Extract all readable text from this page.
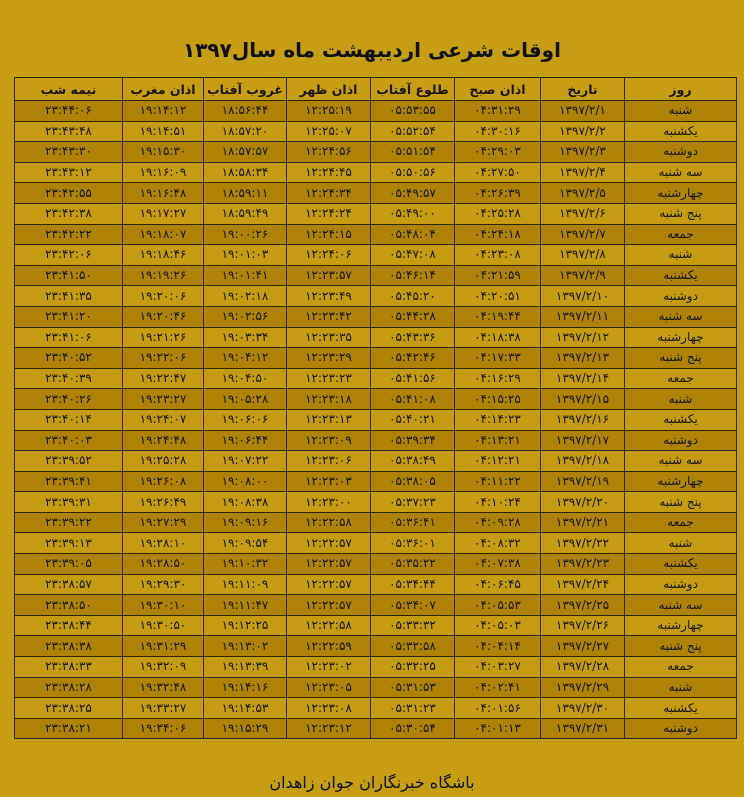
اوقات شرعی اردیبهشت ماه سال۱۳۹۷
روز	تاریخ	اذان صبح	طلوع آفتاب	اذان ظهر	غروب آفتاب	اذان مغرب	نیمه شب
شنبه	۱۳۹۷/۲/۱	۰۴:۳۱:۲۹	۰۵:۵۳:۵۵	۱۲:۲۵:۱۹	۱۸:۵۶:۴۴	۱۹:۱۴:۱۲	۲۳:۴۴:۰۶
یکشنبه	۱۳۹۷/۲/۲	۰۴:۳۰:۱۶	۰۵:۵۲:۵۴	۱۲:۲۵:۰۷	۱۸:۵۷:۲۰	۱۹:۱۴:۵۱	۲۳:۴۳:۴۸
دوشنبه	۱۳۹۷/۲/۳	۰۴:۲۹:۰۳	۰۵:۵۱:۵۴	۱۲:۲۴:۵۶	۱۸:۵۷:۵۷	۱۹:۱۵:۳۰	۲۳:۴۳:۳۰
سه شنبه	۱۳۹۷/۲/۴	۰۴:۲۷:۵۰	۰۵:۵۰:۵۶	۱۲:۲۴:۴۵	۱۸:۵۸:۳۴	۱۹:۱۶:۰۹	۲۳:۴۳:۱۲
چهارشنبه	۱۳۹۷/۲/۵	۰۴:۲۶:۳۹	۰۵:۴۹:۵۷	۱۲:۲۴:۳۴	۱۸:۵۹:۱۱	۱۹:۱۶:۴۸	۲۳:۴۲:۵۵
پنج شنبه	۱۳۹۷/۲/۶	۰۴:۲۵:۲۸	۰۵:۴۹:۰۰	۱۲:۲۴:۲۴	۱۸:۵۹:۴۹	۱۹:۱۷:۲۷	۲۳:۴۲:۳۸
جمعه	۱۳۹۷/۲/۷	۰۴:۲۴:۱۸	۰۵:۴۸:۰۴	۱۲:۲۴:۱۵	۱۹:۰۰:۲۶	۱۹:۱۸:۰۷	۲۳:۴۲:۲۲
شنبه	۱۳۹۷/۲/۸	۰۴:۲۳:۰۸	۰۵:۴۷:۰۸	۱۲:۲۴:۰۶	۱۹:۰۱:۰۳	۱۹:۱۸:۴۶	۲۳:۴۲:۰۶
یکشنبه	۱۳۹۷/۲/۹	۰۴:۲۱:۵۹	۰۵:۴۶:۱۴	۱۲:۲۳:۵۷	۱۹:۰۱:۴۱	۱۹:۱۹:۲۶	۲۳:۴۱:۵۰
دوشنبه	۱۳۹۷/۲/۱۰	۰۴:۲۰:۵۱	۰۵:۴۵:۲۰	۱۲:۲۳:۴۹	۱۹:۰۲:۱۸	۱۹:۲۰:۰۶	۲۳:۴۱:۳۵
سه شنبه	۱۳۹۷/۲/۱۱	۰۴:۱۹:۴۴	۰۵:۴۴:۲۸	۱۲:۲۳:۴۲	۱۹:۰۲:۵۶	۱۹:۲۰:۴۶	۲۳:۴۱:۲۰
چهارشنبه	۱۳۹۷/۲/۱۲	۰۴:۱۸:۳۸	۰۵:۴۳:۳۶	۱۲:۲۳:۳۵	۱۹:۰۳:۳۴	۱۹:۲۱:۲۶	۲۳:۴۱:۰۶
پنج شنبه	۱۳۹۷/۲/۱۳	۰۴:۱۷:۳۳	۰۵:۴۲:۴۶	۱۲:۲۳:۲۹	۱۹:۰۴:۱۲	۱۹:۲۲:۰۶	۲۳:۴۰:۵۲
جمعه	۱۳۹۷/۲/۱۴	۰۴:۱۶:۲۹	۰۵:۴۱:۵۶	۱۲:۲۳:۲۳	۱۹:۰۴:۵۰	۱۹:۲۲:۴۷	۲۳:۴۰:۳۹
شنبه	۱۳۹۷/۲/۱۵	۰۴:۱۵:۲۵	۰۵:۴۱:۰۸	۱۲:۲۳:۱۸	۱۹:۰۵:۲۸	۱۹:۲۳:۲۷	۲۳:۴۰:۲۶
یکشنبه	۱۳۹۷/۲/۱۶	۰۴:۱۴:۲۳	۰۵:۴۰:۲۱	۱۲:۲۳:۱۳	۱۹:۰۶:۰۶	۱۹:۲۴:۰۷	۲۳:۴۰:۱۴
دوشنبه	۱۳۹۷/۲/۱۷	۰۴:۱۳:۲۱	۰۵:۳۹:۳۴	۱۲:۲۳:۰۹	۱۹:۰۶:۴۴	۱۹:۲۴:۴۸	۲۳:۴۰:۰۳
سه شنبه	۱۳۹۷/۲/۱۸	۰۴:۱۲:۲۱	۰۵:۳۸:۴۹	۱۲:۲۳:۰۶	۱۹:۰۷:۲۲	۱۹:۲۵:۲۸	۲۳:۳۹:۵۲
چهارشنبه	۱۳۹۷/۲/۱۹	۰۴:۱۱:۲۲	۰۵:۳۸:۰۵	۱۲:۲۳:۰۳	۱۹:۰۸:۰۰	۱۹:۲۶:۰۸	۲۳:۳۹:۴۱
پنج شنبه	۱۳۹۷/۲/۲۰	۰۴:۱۰:۲۴	۰۵:۳۷:۲۳	۱۲:۲۳:۰۰	۱۹:۰۸:۳۸	۱۹:۲۶:۴۹	۲۳:۳۹:۳۱
جمعه	۱۳۹۷/۲/۲۱	۰۴:۰۹:۲۸	۰۵:۳۶:۴۱	۱۲:۲۲:۵۸	۱۹:۰۹:۱۶	۱۹:۲۷:۲۹	۲۳:۳۹:۲۲
شنبه	۱۳۹۷/۲/۲۲	۰۴:۰۸:۳۲	۰۵:۳۶:۰۱	۱۲:۲۲:۵۷	۱۹:۰۹:۵۴	۱۹:۲۸:۱۰	۲۳:۳۹:۱۳
یکشنبه	۱۳۹۷/۲/۲۳	۰۴:۰۷:۳۸	۰۵:۳۵:۲۲	۱۲:۲۲:۵۷	۱۹:۱۰:۳۲	۱۹:۲۸:۵۰	۲۳:۳۹:۰۵
دوشنبه	۱۳۹۷/۲/۲۴	۰۴:۰۶:۴۵	۰۵:۳۴:۴۴	۱۲:۲۲:۵۷	۱۹:۱۱:۰۹	۱۹:۲۹:۳۰	۲۳:۳۸:۵۷
سه شنبه	۱۳۹۷/۲/۲۵	۰۴:۰۵:۵۳	۰۵:۳۴:۰۷	۱۲:۲۲:۵۷	۱۹:۱۱:۴۷	۱۹:۳۰:۱۰	۲۳:۳۸:۵۰
چهارشنبه	۱۳۹۷/۲/۲۶	۰۴:۰۵:۰۳	۰۵:۳۳:۳۲	۱۲:۲۲:۵۸	۱۹:۱۲:۲۵	۱۹:۳۰:۵۰	۲۳:۳۸:۴۴
پنج شنبه	۱۳۹۷/۲/۲۷	۰۴:۰۴:۱۴	۰۵:۳۲:۵۸	۱۲:۲۲:۵۹	۱۹:۱۳:۰۲	۱۹:۳۱:۲۹	۲۳:۳۸:۳۸
جمعه	۱۳۹۷/۲/۲۸	۰۴:۰۳:۲۷	۰۵:۳۲:۲۵	۱۲:۲۳:۰۲	۱۹:۱۳:۳۹	۱۹:۳۲:۰۹	۲۳:۳۸:۳۳
شنبه	۱۳۹۷/۲/۲۹	۰۴:۰۲:۴۱	۰۵:۳۱:۵۳	۱۲:۲۳:۰۵	۱۹:۱۴:۱۶	۱۹:۳۲:۴۸	۲۳:۳۸:۲۸
یکشنبه	۱۳۹۷/۲/۳۰	۰۴:۰۱:۵۶	۰۵:۳۱:۲۳	۱۲:۲۳:۰۸	۱۹:۱۴:۵۳	۱۹:۳۳:۲۷	۲۳:۳۸:۲۵
دوشنبه	۱۳۹۷/۲/۳۱	۰۴:۰۱:۱۳	۰۵:۳۰:۵۴	۱۲:۲۳:۱۲	۱۹:۱۵:۲۹	۱۹:۳۴:۰۶	۲۳:۳۸:۲۱
باشگاه خبرنگاران جوان زاهدان
